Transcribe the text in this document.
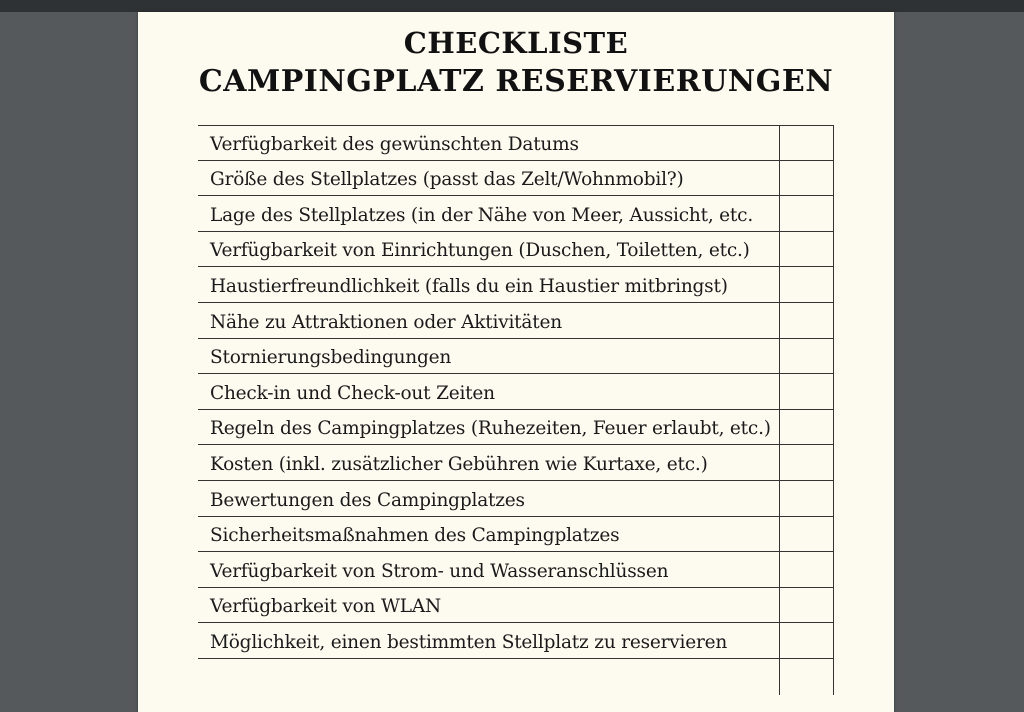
CHECKLISTE
CAMPINGPLATZ RESERVIERUNGEN
Verfügbarkeit des gewünschten Datums
Größe des Stellplatzes (passt das Zelt/Wohnmobil?)
Lage des Stellplatzes (in der Nähe von Meer, Aussicht, etc.
Verfügbarkeit von Einrichtungen (Duschen, Toiletten, etc.)
Haustierfreundlichkeit (falls du ein Haustier mitbringst)
Nähe zu Attraktionen oder Aktivitäten
Stornierungsbedingungen
Check-in und Check-out Zeiten
Regeln des Campingplatzes (Ruhezeiten, Feuer erlaubt, etc.)
Kosten (inkl. zusätzlicher Gebühren wie Kurtaxe, etc.)
Bewertungen des Campingplatzes
Sicherheitsmaßnahmen des Campingplatzes
Verfügbarkeit von Strom- und Wasseranschlüssen
Verfügbarkeit von WLAN
Möglichkeit, einen bestimmten Stellplatz zu reservieren
